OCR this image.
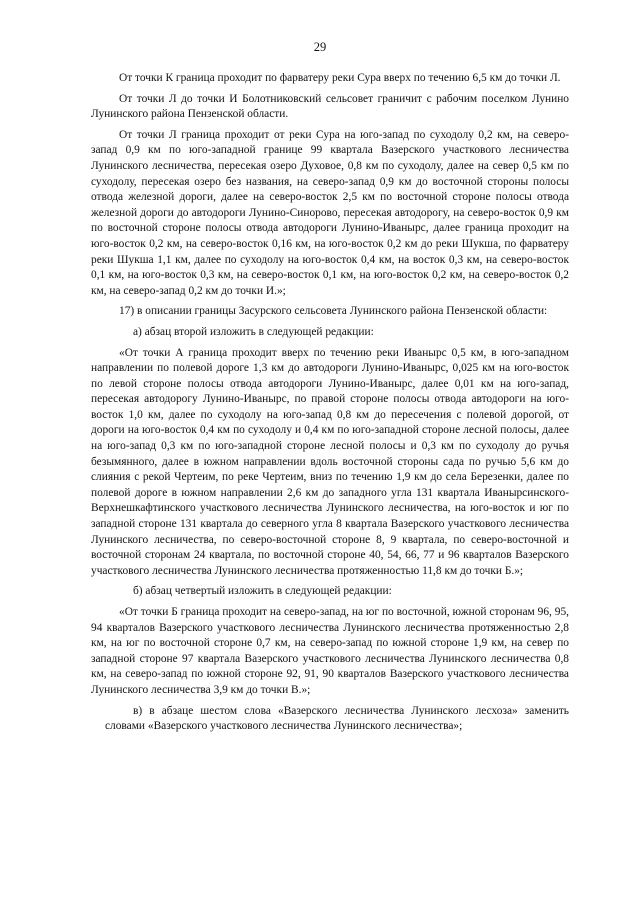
29

От точки К граница проходит по фарватеру реки Сура вверх по течению 6,5 км до точки Л.

От точки Л до точки И Болотниковский сельсовет граничит с рабочим поселком Лунино Лунинского района Пензенской области.

От точки Л граница проходит от реки Сура на юго-запад по суходолу 0,2 км, на северо-запад 0,9 км по юго-западной границе 99 квартала Вазерского участкового лесничества Лунинского лесничества, пересекая озеро Духовое, 0,8 км по суходолу, далее на север 0,5 км по суходолу, пересекая озеро без названия, на северо-запад 0,9 км до восточной стороны полосы отвода железной дороги, далее на северо-восток 2,5 км по восточной стороне полосы отвода железной дороги до автодороги Лунино-Синорово, пересекая автодорогу, на северо-восток 0,9 км по восточной стороне полосы отвода автодороги Лунино-Иваныpc, далее граница проходит на юго-восток 0,2 км, на северо-восток 0,16 км, на юго-восток 0,2 км до реки Шукша, по фарватеру реки Шукша 1,1 км, далее по суходолу на юго-восток 0,4 км, на восток 0,3 км, на северо-восток 0,1 км, на юго-восток 0,3 км, на северо-восток 0,1 км, на юго-восток 0,2 км, на северо-восток 0,2 км, на северо-запад 0,2 км до точки И.»;

17) в описании границы Засурского сельсовета Лунинского района Пензенской области:

а) абзац второй изложить в следующей редакции:

«От точки А граница проходит вверх по течению реки Иваныpc 0,5 км, в юго-западном направлении по полевой дороге 1,3 км до автодороги Лунино-Иваныpc, 0,025 км на юго-восток по левой стороне полосы отвода автодороги Лунино-Иваныpc, далее 0,01 км на юго-запад, пересекая автодорогу Лунино-Иваныpc, по правой стороне полосы отвода автодороги на юго-восток 1,0 км, далее по суходолу на юго-запад 0,8 км до пересечения с полевой дорогой, от дороги на юго-восток 0,4 км по суходолу и 0,4 км по юго-западной стороне лесной полосы, далее на юго-запад 0,3 км по юго-западной стороне лесной полосы и 0,3 км по суходолу до ручья безымянного, далее в южном направлении вдоль восточной стороны сада по ручью 5,6 км до слияния с рекой Чертеим, по реке Чертеим, вниз по течению 1,9 км до села Березенки, далее по полевой дороге в южном направлении 2,6 км до западного угла 131 квартала Иваныpсинского-Верхнешкафтинского участкового лесничества Лунинского лесничества, на юго-восток и юг по западной стороне 131 квартала до северного угла 8 квартала Вазерского участкового лесничества Лунинского лесничества, по северо-восточной стороне 8, 9 квартала, по северо-восточной и восточной сторонам 24 квартала, по восточной стороне 40, 54, 66, 77 и 96 кварталов Вазерского участкового лесничества Лунинского лесничества протяженностью 11,8 км до точки Б.»;

б) абзац четвертый изложить в следующей редакции:

«От точки Б граница проходит на северо-запад, на юг по восточной, южной сторонам 96, 95, 94 кварталов Вазерского участкового лесничества Лунинского лесничества протяженностью 2,8 км, на юг по восточной стороне 0,7 км, на северо-запад по южной стороне 1,9 км, на север по западной стороне 97 квартала Вазерского участкового лесничества Лунинского лесничества 0,8 км, на северо-запад по южной стороне 92, 91, 90 кварталов Вазерского участкового лесничества Лунинского лесничества 3,9 км до точки В.»;

в) в абзаце шестом слова «Вазерского лесничества Лунинского лесхоза» заменить словами «Вазерского участкового лесничества Лунинского лесничества»;
